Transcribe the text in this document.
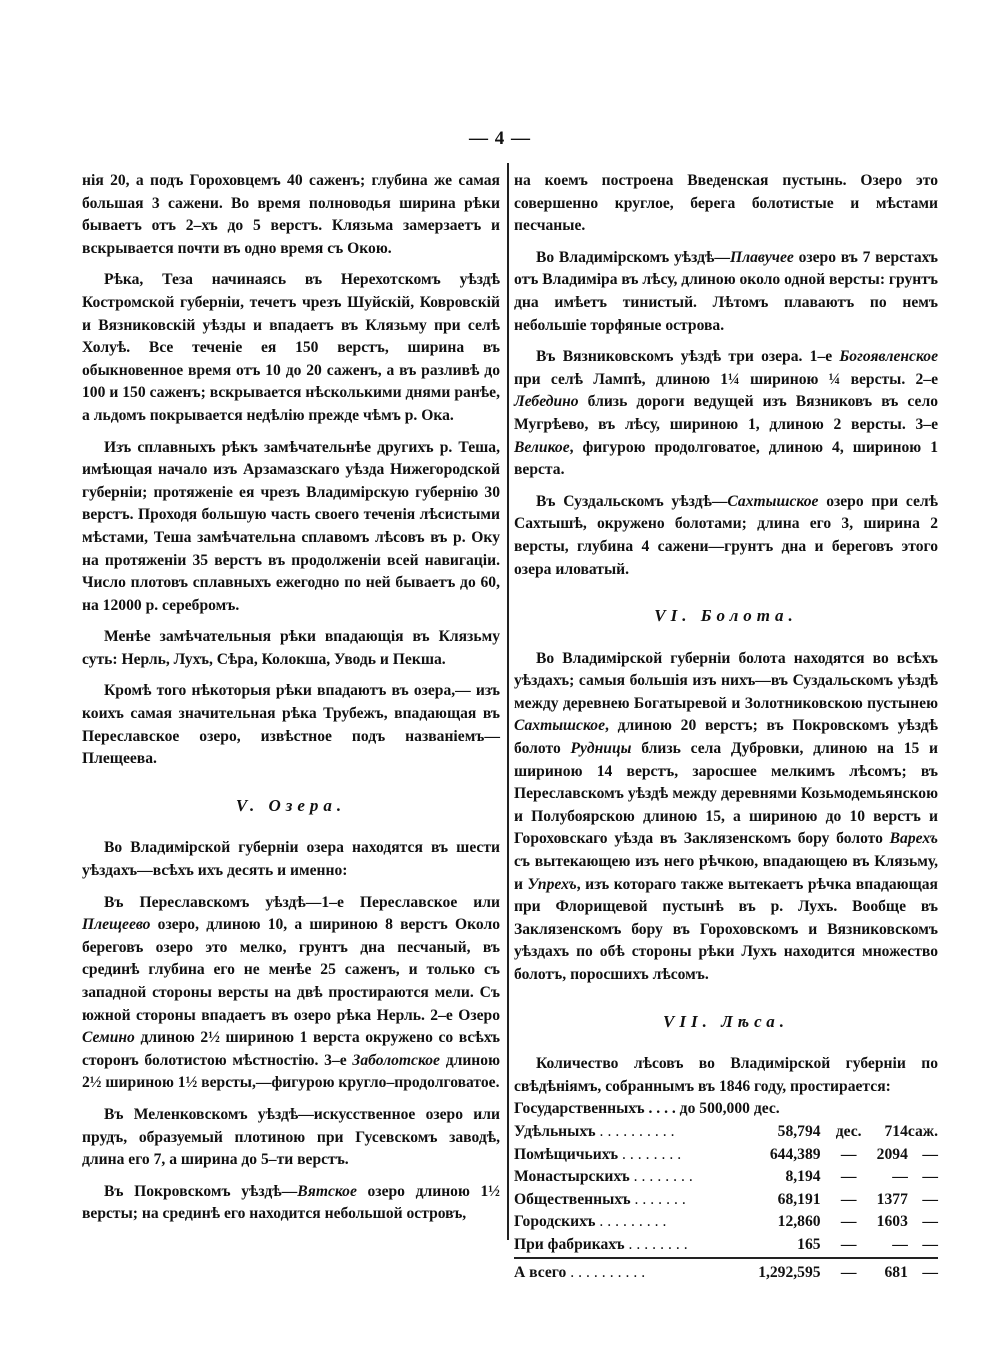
— 4 —

нія 20, а подъ Гороховцемъ 40 саженъ; глубина же самая большая 3 сажени. Во время полноводья ширина рѣки бываетъ отъ 2–хъ до 5 верстъ. Клязьма замерзаетъ и вскрывается почти въ одно время съ Окою.

Рѣка, Теза начинаясь въ Нерехотскомъ уѣздѣ Костромской губерніи, течетъ чрезъ Шуйскій, Ковровскій и Вязниковскій уѣзды и впадаетъ въ Клязьму при селѣ Холуѣ. Все теченіе ея 150 верстъ, ширина въ обыкновенное время отъ 10 до 20 саженъ, а въ разливѣ до 100 и 150 саженъ; вскрывается нѣсколькими днями ранѣе, а льдомъ покрывается недѣлію прежде чѣмъ р. Ока.

Изъ сплавныхъ рѣкъ замѣчательнѣе другихъ р. Теша, имѣющая начало изъ Арзамазскаго уѣзда Нижегородской губерніи; протяженіе ея чрезъ Владимірскую губернію 30 верстъ. Проходя большую часть своего теченія лѣсистыми мѣстами, Теша замѣчательна сплавомъ лѣсовъ въ р. Оку на протяженіи 35 верстъ въ продолженіи всей навигаціи. Число плотовъ сплавныхъ ежегодно по ней бываетъ до 60, на 12000 р. серебромъ.

Менѣе замѣчательныя рѣки впадающія въ Клязьму суть: Нерль, Лухъ, Сѣра, Колокша, Уводь и Пекша.

Кромѣ того нѣкоторыя рѣки впадаютъ въ озера,— изъ коихъ самая значительная рѣка Трубежъ, впадающая въ Переславское озеро, извѣстное подъ названіемъ—Плещеева.

V. Озера.

Во Владимірской губерніи озера находятся въ шести уѣздахъ—всѣхъ ихъ десять и именно:

Въ Переславскомъ уѣздѣ—1–е Переславское или Плещеево озеро, длиною 10, а шириною 8 верстъ Около береговъ озеро это мелко, грунтъ дна песчаный, въ срединѣ глубина его не менѣе 25 саженъ, и только съ западной стороны версты на двѣ простираются мели. Съ южной стороны впадаетъ въ озеро рѣка Нерль. 2–е Озеро Семино длиною 2½ шириною 1 верста окружено со всѣхъ сторонъ болотистою мѣстностію. 3–е Заболотское длиною 2½ шириною 1½ версты,—фигурою кругло–продолговатое.

Въ Меленковскомъ уѣздѣ—искусственное озеро или прудъ, образуемый плотиною при Гусевскомъ заводѣ, длина его 7, а ширина до 5–ти верстъ.

Въ Покровскомъ уѣздѣ—Вятское озеро длиною 1½ версты; на срединѣ его находится небольшой островъ,

на коемъ построена Введенская пустынь. Озеро это совершенно круглое, берега болотистые и мѣстами песчаные.

Во Владимірскомъ уѣздѣ—Плавучее озеро въ 7 верстахъ отъ Владиміра въ лѣсу, длиною около одной версты: грунтъ дна имѣетъ тинистый. Лѣтомъ плаваютъ по немъ небольшіе торфяные острова.

Въ Вязниковскомъ уѣздѣ три озера. 1–е Богоявленское при селѣ Лампѣ, длиною 1¼ шириною ¼ версты. 2–е Лебедино близь дороги ведущей изъ Вязниковъ въ село Мугрѣево, въ лѣсу, шириною 1, длиною 2 версты. 3–е Великое, фигурою продолговатое, длиною 4, шириною 1 верста.

Въ Суздальскомъ уѣздѣ—Сахтышское озеро при селѣ Сахтышѣ, окружено болотами; длина его 3, ширина 2 версты, глубина 4 сажени—грунтъ дна и береговъ этого озера иловатый.

VI. Болота.

Во Владимірской губерніи болота находятся во всѣхъ уѣздахъ; самыя большія изъ нихъ—въ Суздальскомъ уѣздѣ между деревнею Богатыревой и Золотниковскою пустынею Сахтышское, длиною 20 верстъ; въ Покровскомъ уѣздѣ болото Рудницы близь села Дубровки, длиною на 15 и шириною 14 верстъ, заросшее мелкимъ лѣсомъ; въ Переславскомъ уѣздѣ между деревнями Козьмодемьянскою и Полубоярскою длиною 15, а шириною до 10 верстъ и Гороховскаго уѣзда въ Заклязенскомъ бору болото Варехъ съ вытекающею изъ него рѣчкою, впадающею въ Клязьму, и Упрехъ, изъ котораго также вытекаетъ рѣчка впадающая при Флорищевой пустынѣ въ р. Лухъ. Вообще въ Заклязенскомъ бору въ Гороховскомъ и Вязниковскомъ уѣздахъ по обѣ стороны рѣки Лухъ находится множество болотъ, поросшихъ лѣсомъ.

VII. Лѣса.

Количество лѣсовъ во Владимірской губерніи по свѣдѣніямъ, собраннымъ въ 1846 году, простирается:

Государственныхъ . . . . до 500,000 дес.
Удѣльныхъ ..........	58,794	дес.	714	саж.
Помѣщичьихъ ........	644,389	—	2094	—
Монастырскихъ ........	8,194	—	—	—
Общественныхъ .......	68,191	—	1377	—
Городскихъ .........	12,860	—	1603	—
При фабрикахъ ........	165	—	—	—
А всего ..........	1,292,595	—	681	—
